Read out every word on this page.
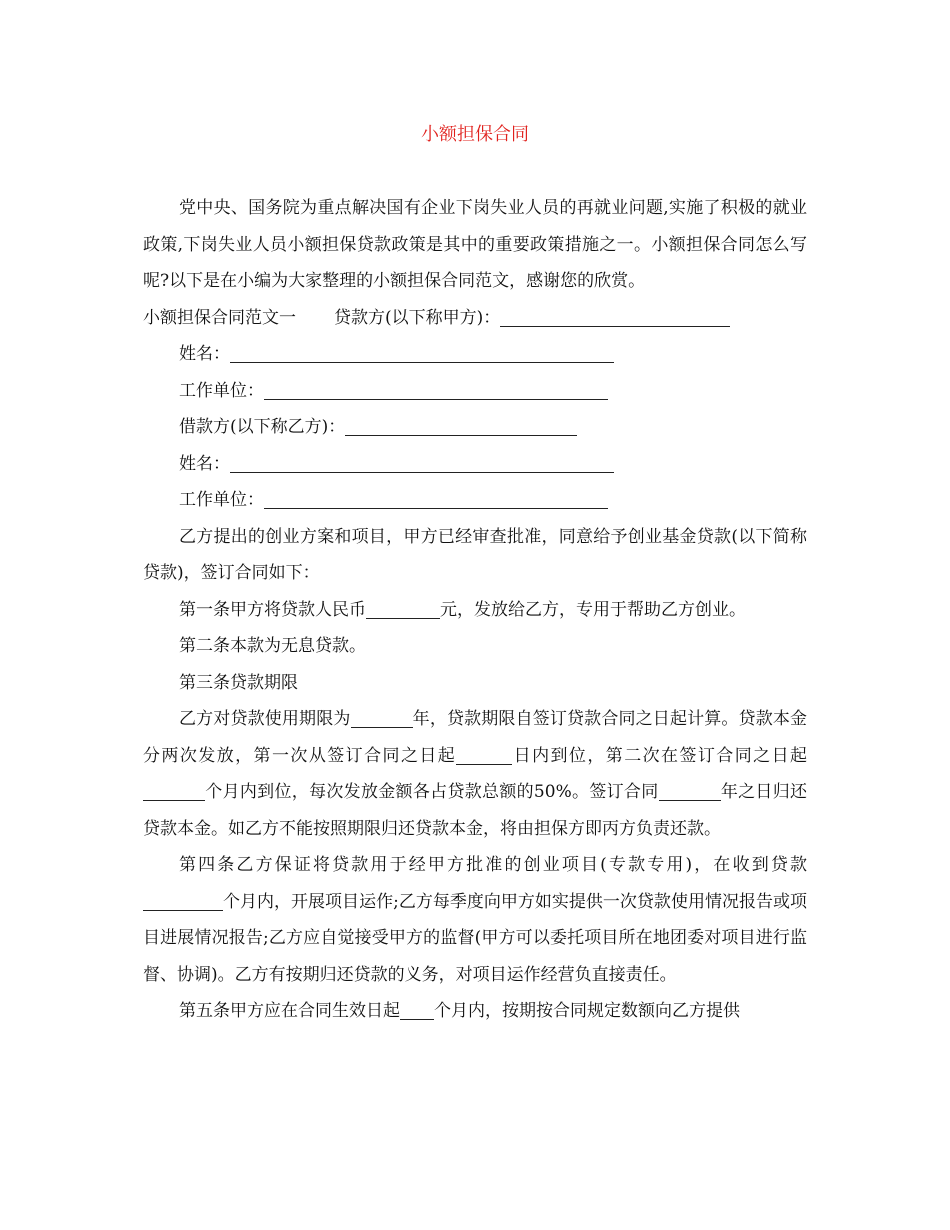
小额担保合同

党中央、国务院为重点解决国有企业下岗失业人员的再就业问题,实施了积极的就业政策,下岗失业人员小额担保贷款政策是其中的重要政策措施之一。小额担保合同怎么写呢?以下是在小编为大家整理的小额担保合同范文，感谢您的欣赏。

小额担保合同范文一 贷款方(以下称甲方)：

姓名：

工作单位：

借款方(以下称乙方)：

姓名：

工作单位：

乙方提出的创业方案和项目，甲方已经审查批准，同意给予创业基金贷款(以下简称贷款)，签订合同如下：

第一条甲方将贷款人民币	元，发放给乙方，专用于帮助乙方创业。

第二条本款为无息贷款。

第三条贷款期限

乙方对贷款使用期限为	年，贷款期限自签订贷款合同之日起计算。贷款本金分两次发放，第一次从签订合同之日起	日内到位，第二次在签订合同之日起个月内到位，每次发放金额各占贷款总额的50%。签订合同	年之日归还贷款本金。如乙方不能按照期限归还贷款本金，将由担保方即丙方负责还款。

第四条乙方保证将贷款用于经甲方批准的创业项目(专款专用)，在收到贷款个月内，开展项目运作;乙方每季度向甲方如实提供一次贷款使用情况报告或项目进展情况报告;乙方应自觉接受甲方的监督(甲方可以委托项目所在地团委对项目进行监督、协调)。乙方有按期归还贷款的义务，对项目运作经营负直接责任。

第五条甲方应在合同生效日起 个月内，按期按合同规定数额向乙方提供
